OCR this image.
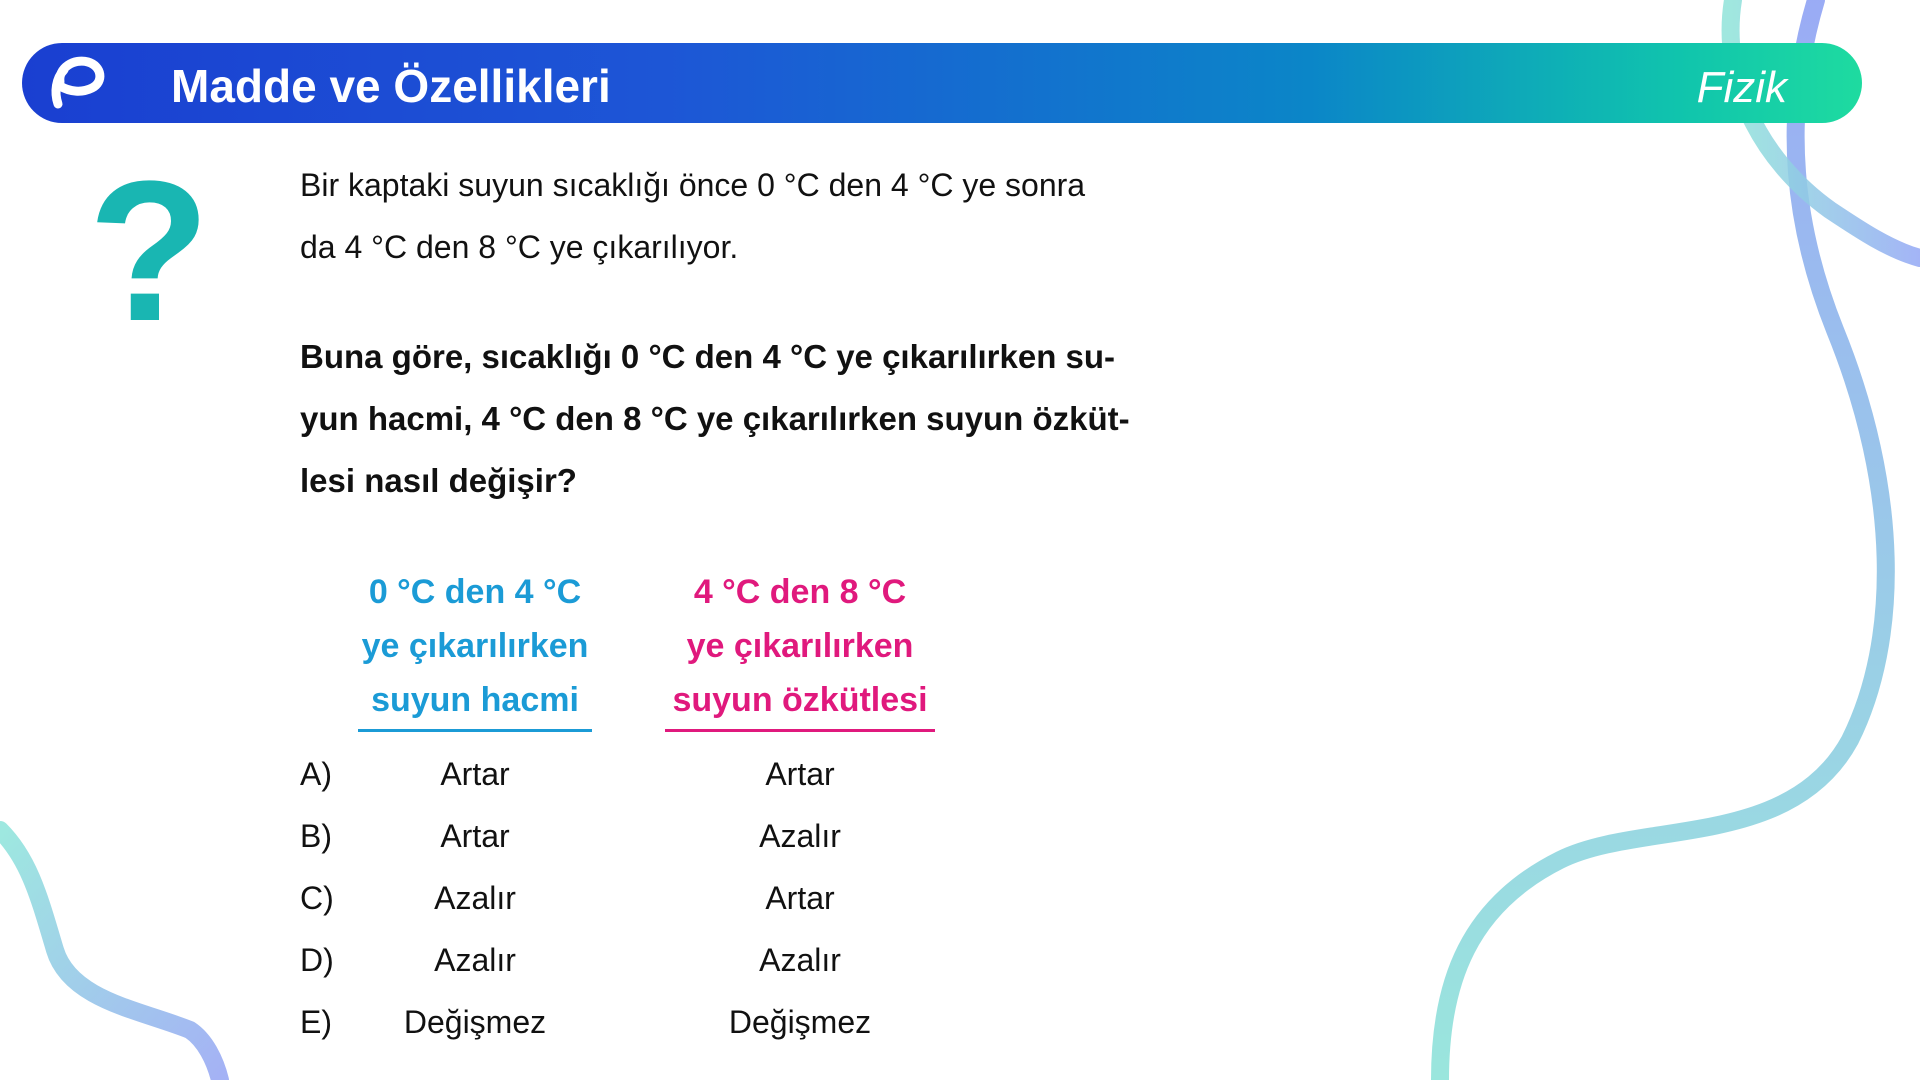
Madde ve Özellikleri	Fizik
?	Bir kaptaki suyun sıcaklığı önce 0 °C den 4 °C ye sonra
da 4 °C den 8 °C ye çıkarılıyor.
Buna göre, sıcaklığı 0 °C den 4 °C ye çıkarılırken su-
yun hacmi, 4 °C den 8 °C ye çıkarılırken suyun özküt-
lesi nasıl değişir?
0 °C den 4 °C
ye çıkarılırken
suyun hacmi
4 °C den 8 °C
ye çıkarılırken
suyun özkütlesi
A)	Artar	Artar
B)	Artar	Azalır
C)	Azalır	Artar
D)	Azalır	Azalır
E)	Değişmez	Değişmez
